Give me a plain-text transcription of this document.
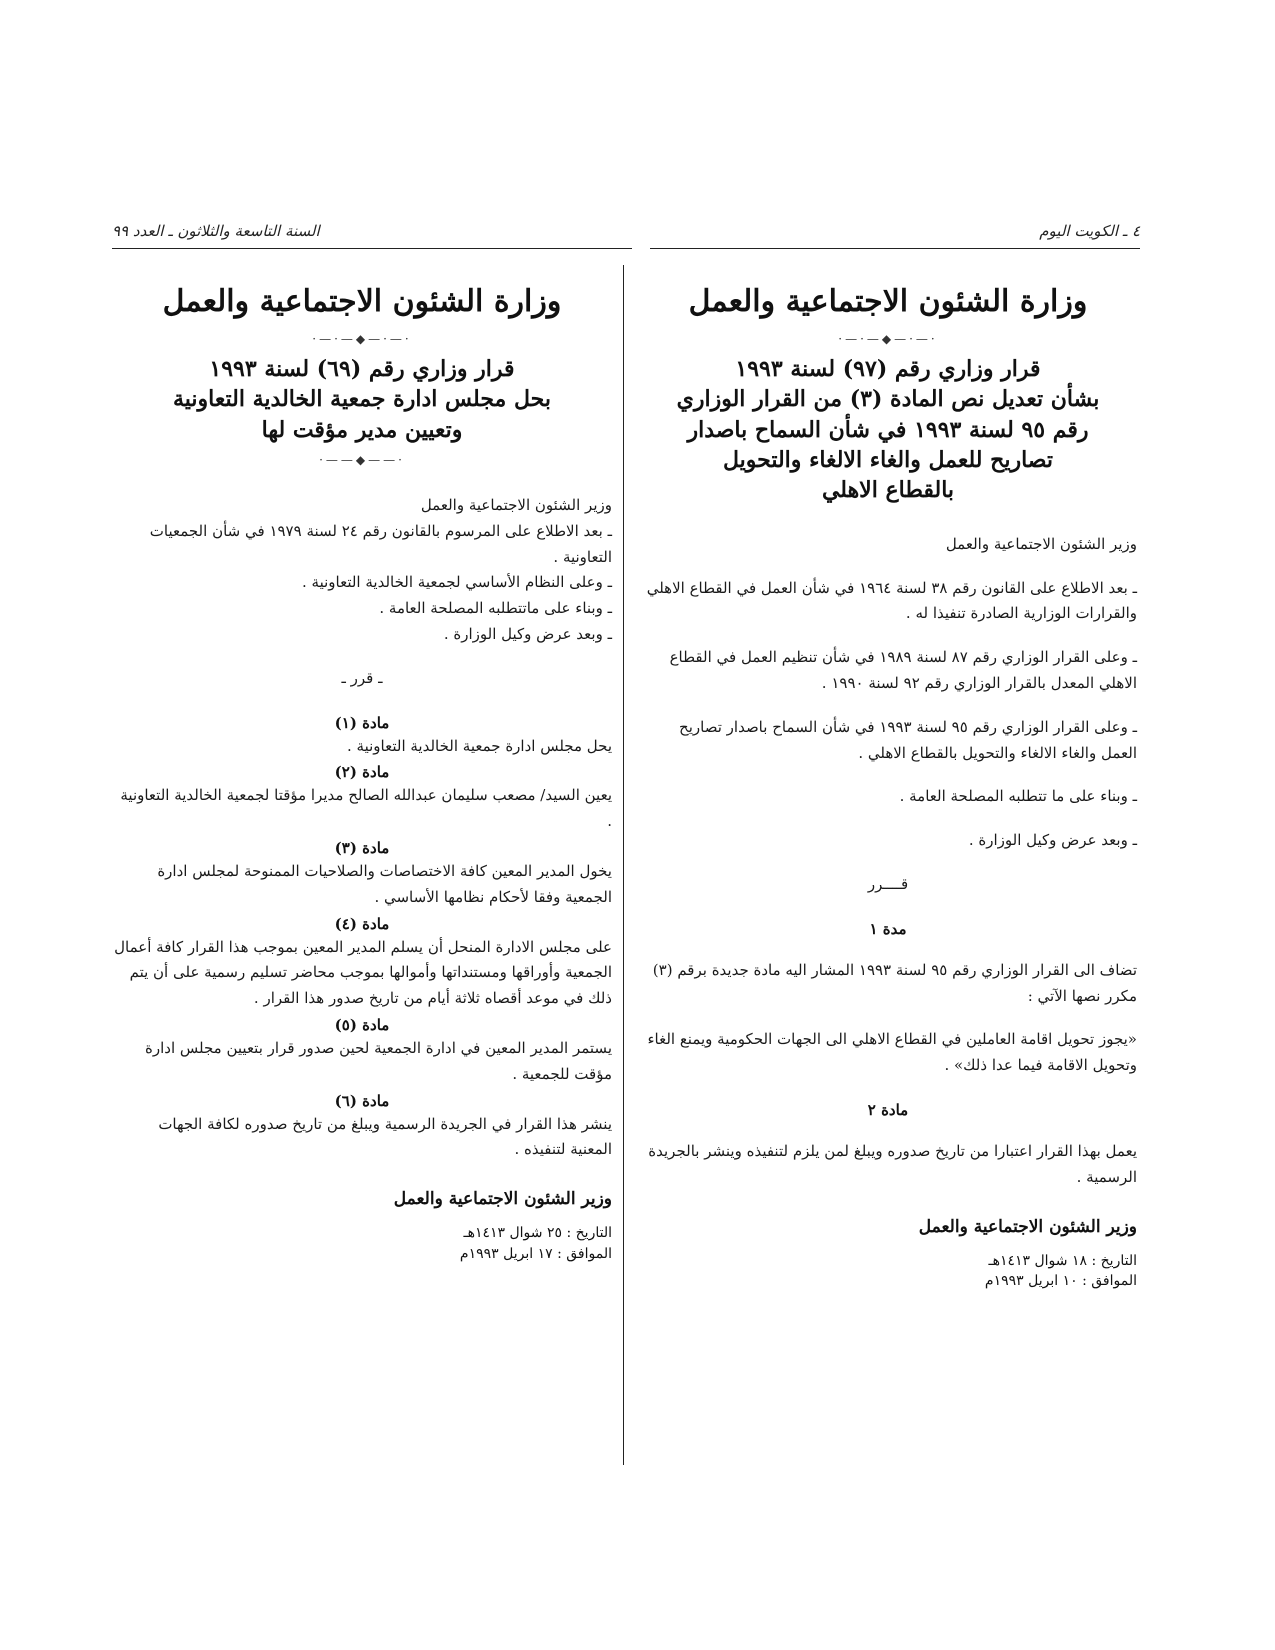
٤ ـ الكويت اليوم
السنة التاسعة والثلاثون ـ العدد ٩٩
وزارة الشئون الاجتماعية والعمل
·—·—◆—·—·
قرار وزاري رقم (٩٧) لسنة ١٩٩٣
بشأن تعديل نص المادة (٣) من القرار الوزاري
رقم ٩٥ لسنة ١٩٩٣ في شأن السماح باصدار
تصاريح للعمل والغاء الالغاء والتحويل
بالقطاع الاهلي

وزير الشئون الاجتماعية والعمل

ـ بعد الاطلاع على القانون رقم ٣٨ لسنة ١٩٦٤ في شأن العمل في القطاع الاهلي والقرارات الوزارية الصادرة تنفيذا له .

ـ وعلى القرار الوزاري رقم ٨٧ لسنة ١٩٨٩ في شأن تنظيم العمل في القطاع الاهلي المعدل بالقرار الوزاري رقم ٩٢ لسنة ١٩٩٠ .

ـ وعلى القرار الوزاري رقم ٩٥ لسنة ١٩٩٣ في شأن السماح باصدار تصاريح العمل والغاء الالغاء والتحويل بالقطاع الاهلي .

ـ وبناء على ما تتطلبه المصلحة العامة .

ـ وبعد عرض وكيل الوزارة .

قــــرر

مدة ١

تضاف الى القرار الوزاري رقم ٩٥ لسنة ١٩٩٣ المشار اليه مادة جديدة برقم (٣) مكرر نصها الآتي :

«يجوز تحويل اقامة العاملين في القطاع الاهلي الى الجهات الحكومية ويمنع الغاء وتحويل الاقامة فيما عدا ذلك» .

مادة ٢

يعمل بهذا القرار اعتبارا من تاريخ صدوره ويبلغ لمن يلزم لتنفيذه وينشر بالجريدة الرسمية .

وزير الشئون الاجتماعية والعمل
التاريخ : ١٨ شوال ١٤١٣هـ
الموافق : ١٠ ابريل ١٩٩٣م
وزارة الشئون الاجتماعية والعمل
·—·—◆—·—·
قرار وزاري رقم (٦٩) لسنة ١٩٩٣
بحل مجلس ادارة جمعية الخالدية التعاونية
وتعيين مدير مؤقت لها
·——◆——·

وزير الشئون الاجتماعية والعمل

ـ بعد الاطلاع على المرسوم بالقانون رقم ٢٤ لسنة ١٩٧٩ في شأن الجمعيات التعاونية .

ـ وعلى النظام الأساسي لجمعية الخالدية التعاونية .

ـ وبناء على ماتتطلبه المصلحة العامة .

ـ وبعد عرض وكيل الوزارة .

ـ قرر ـ

مادة (١)

يحل مجلس ادارة جمعية الخالدية التعاونية .

مادة (٢)

يعين السيد/ مصعب سليمان عبدالله الصالح مديرا مؤقتا لجمعية الخالدية التعاونية .

مادة (٣)

يخول المدير المعين كافة الاختصاصات والصلاحيات الممنوحة لمجلس ادارة الجمعية وفقا لأحكام نظامها الأساسي .

مادة (٤)

على مجلس الادارة المنحل أن يسلم المدير المعين بموجب هذا القرار كافة أعمال الجمعية وأوراقها ومستنداتها وأموالها بموجب محاضر تسليم رسمية على أن يتم ذلك في موعد أقصاه ثلاثة أيام من تاريخ صدور هذا القرار .

مادة (٥)

يستمر المدير المعين في ادارة الجمعية لحين صدور قرار بتعيين مجلس ادارة مؤقت للجمعية .

مادة (٦)

ينشر هذا القرار في الجريدة الرسمية ويبلغ من تاريخ صدوره لكافة الجهات المعنية لتنفيذه .

وزير الشئون الاجتماعية والعمل
التاريخ : ٢٥ شوال ١٤١٣هـ
الموافق : ١٧ ابريل ١٩٩٣م
